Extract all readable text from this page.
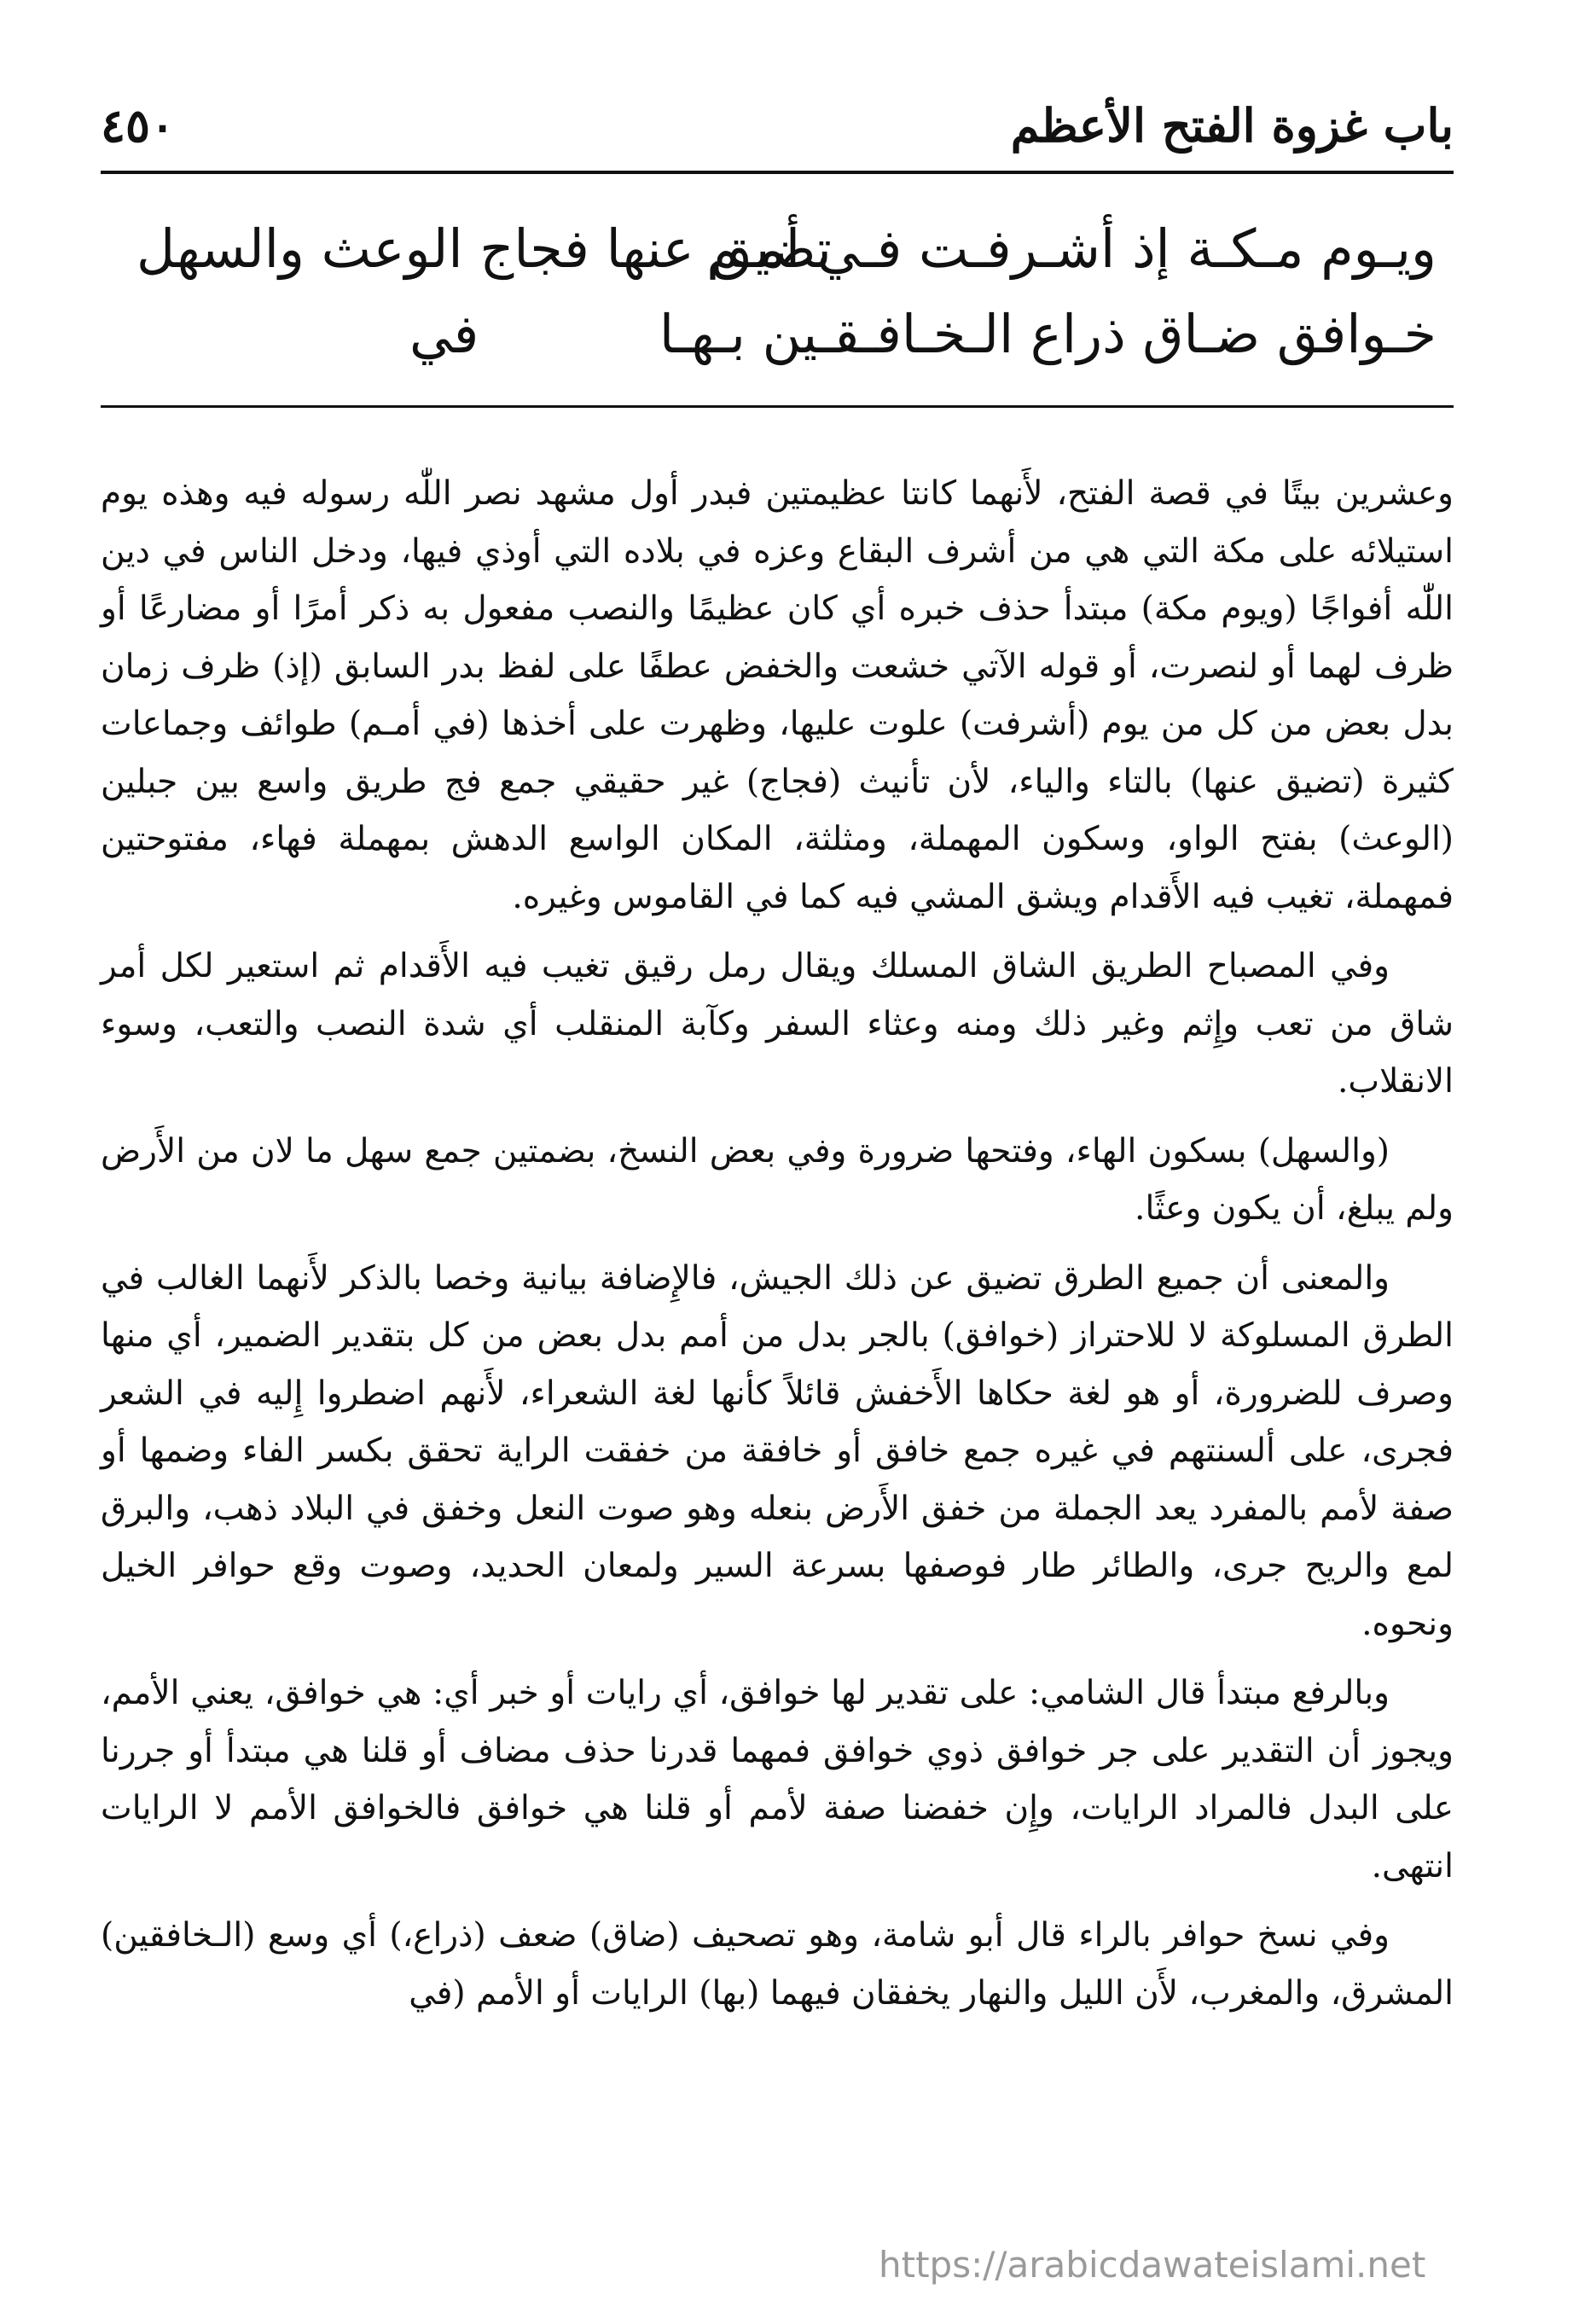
باب غزوة الفتح الأعظم
٤٥٠
ويـوم مـكـة إذ أشـرفـت فـي أمـم
تضيق عنها فجاج الوعث والسهل
خـوافق ضـاق ذراع الـخـافـقـين بـهـا
في

وعشرين بيتًا في قصة الفتح، لأَنهما كانتا عظيمتين فبدر أول مشهد نصر اللّٰه رسوله فيه وهذه يوم استيلائه على مكة التي هي من أشرف البقاع وعزه في بلاده التي أوذي فيها، ودخل الناس في دين اللّٰه أفواجًا (ويوم مكة) مبتدأ حذف خبره أي كان عظيمًا والنصب مفعول به ذكر أمرًا أو مضارعًا أو ظرف لهما أو لنصرت، أو قوله الآتي خشعت والخفض عطفًا على لفظ بدر السابق (إذ) ظرف زمان بدل بعض من كل من يوم (أشرفت) علوت عليها، وظهرت على أخذها (في أمـم) طوائف وجماعات كثيرة (تضيق عنها) بالتاء والياء، لأن تأنيث (فجاج) غير حقيقي جمع فج طريق واسع بين جبلين (الوعث) بفتح الواو، وسكون المهملة، ومثلثة، المكان الواسع الدهش بمهملة فهاء، مفتوحتين فمهملة، تغيب فيه الأَقدام ويشق المشي فيه كما في القاموس وغيره.

وفي المصباح الطريق الشاق المسلك ويقال رمل رقيق تغيب فيه الأَقدام ثم استعير لكل أمر شاق من تعب وإِثم وغير ذلك ومنه وعثاء السفر وكآبة المنقلب أي شدة النصب والتعب، وسوء الانقلاب.

(والسهل) بسكون الهاء، وفتحها ضرورة وفي بعض النسخ، بضمتين جمع سهل ما لان من الأَرض ولم يبلغ، أن يكون وعثًا.

والمعنى أن جميع الطرق تضيق عن ذلك الجيش، فالإِضافة بيانية وخصا بالذكر لأَنهما الغالب في الطرق المسلوكة لا للاحتراز (خوافق) بالجر بدل من أمم بدل بعض من كل بتقدير الضمير، أي منها وصرف للضرورة، أو هو لغة حكاها الأَخفش قائلاً كأنها لغة الشعراء، لأَنهم اضطروا إِليه في الشعر فجرى، على ألسنتهم في غيره جمع خافق أو خافقة من خفقت الراية تحقق بكسر الفاء وضمها أو صفة لأمم بالمفرد يعد الجملة من خفق الأَرض بنعله وهو صوت النعل وخفق في البلاد ذهب، والبرق لمع والريح جرى، والطائر طار فوصفها بسرعة السير ولمعان الحديد، وصوت وقع حوافر الخيل ونحوه.

وبالرفع مبتدأ قال الشامي: على تقدير لها خوافق، أي رايات أو خبر أي: هي خوافق، يعني الأمم، ويجوز أن التقدير على جر خوافق ذوي خوافق فمهما قدرنا حذف مضاف أو قلنا هي مبتدأ أو جررنا على البدل فالمراد الرايات، وإِن خفضنا صفة لأمم أو قلنا هي خوافق فالخوافق الأمم لا الرايات انتهى.

وفي نسخ حوافر بالراء قال أبو شامة، وهو تصحيف (ضاق) ضعف (ذراع،) أي وسع (الـخافقين) المشرق، والمغرب، لأَن الليل والنهار يخفقان فيهما (بها) الرايات أو الأمم (في

https://arabicdawateislami.net
